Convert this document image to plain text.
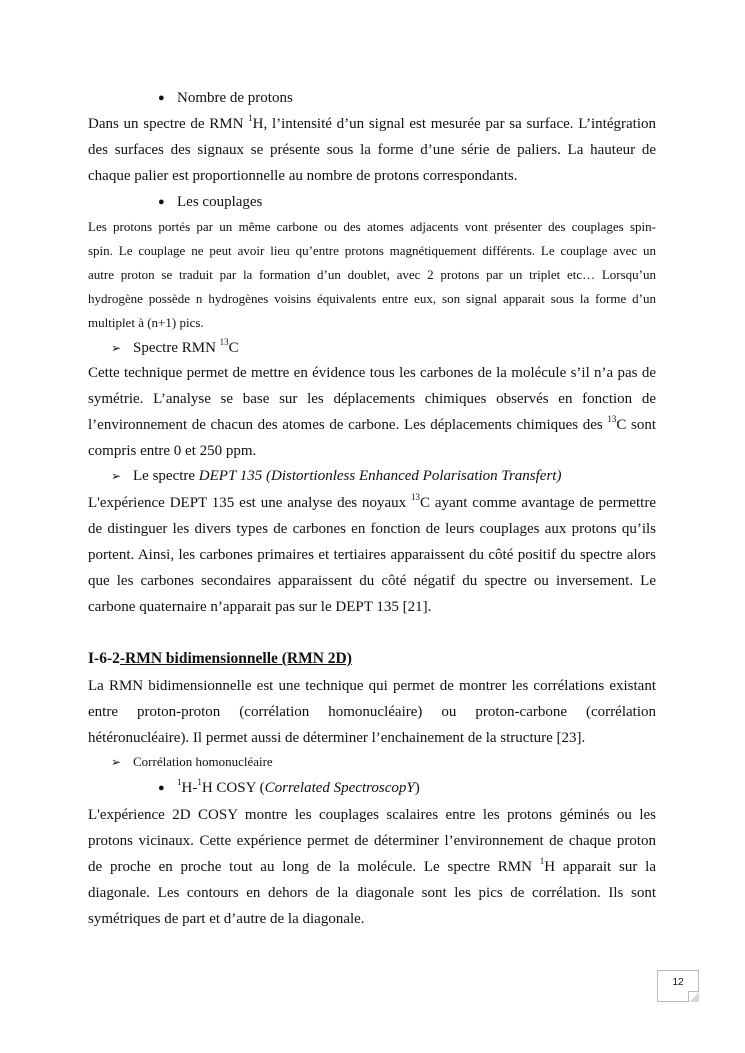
● Nombre de protons
Dans un spectre de RMN $^1$H, l’intensité d’un signal est mesurée par sa surface. L’intégration
des surfaces des signaux se présente sous la forme d’une série de paliers. La hauteur de
chaque palier est proportionnelle au nombre de protons correspondants.
● Les couplages
Les protons portés par un même carbone ou des atomes adjacents vont présenter des couplages spin-
spin. Le couplage ne peut avoir lieu qu’entre protons magnétiquement différents. Le couplage avec un
autre proton se traduit par la formation d’un doublet, avec 2 protons par un triplet etc… Lorsqu’un
hydrogène possède n hydrogènes voisins équivalents entre eux, son signal apparait sous la forme d’un
multiplet à (n+1) pics.
➢ Spectre RMN $^{13}$C
Cette technique permet de mettre en évidence tous les carbones de la molécule s’il n’a pas de
symétrie. L’analyse se base sur les déplacements chimiques observés en fonction de
l’environnement de chacun des atomes de carbone. Les déplacements chimiques des $^{13}$C sont
compris entre 0 et 250 ppm.
➢ Le spectre DEPT 135 (Distortionless Enhanced Polarisation Transfert)
L'expérience DEPT 135 est une analyse des noyaux $^{13}$C ayant comme avantage de permettre
de distinguer les divers types de carbones en fonction de leurs couplages aux protons qu’ils
portent. Ainsi, les carbones primaires et tertiaires apparaissent du côté positif du spectre alors
que les carbones secondaires apparaissent du côté négatif du spectre ou inversement. Le
carbone quaternaire n’apparait pas sur le DEPT 135 [21].
I-6-2-RMN bidimensionnelle (RMN 2D)
La RMN bidimensionnelle est une technique qui permet de montrer les corrélations existant
entre proton-proton (corrélation homonucléaire) ou proton-carbone (corrélation
hétéronucléaire). Il permet aussi de déterminer l’enchainement de la structure [23].
➢ Corrélation homonucléaire
● $^1$H-$^1$H COSY (Correlated SpectroscopY)
L'expérience 2D COSY montre les couplages scalaires entre les protons géminés ou les
protons vicinaux. Cette expérience permet de déterminer l’environnement de chaque proton
de proche en proche tout au long de la molécule. Le spectre RMN $^1$H apparait sur la
diagonale. Les contours en dehors de la diagonale sont les pics de corrélation. Ils sont
symétriques de part et d’autre de la diagonale.
12
